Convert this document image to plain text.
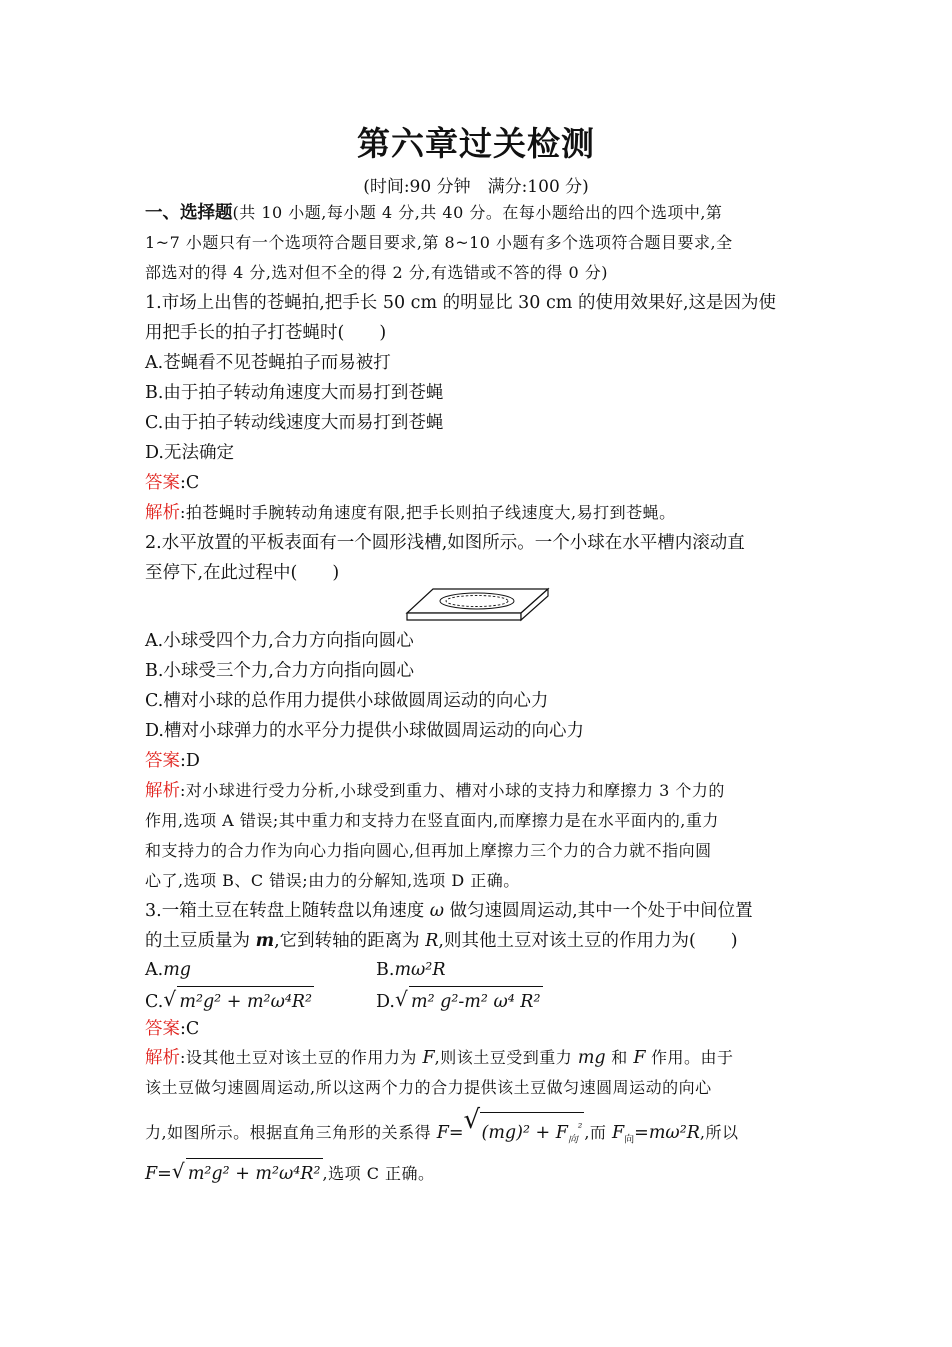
第六章过关检测
(时间:90 分钟　满分:100 分)
一、选择题(共 10 小题,每小题 4 分,共 40 分。在每小题给出的四个选项中,第
1~7 小题只有一个选项符合题目要求,第 8~10 小题有多个选项符合题目要求,全
部选对的得 4 分,选对但不全的得 2 分,有选错或不答的得 0 分)
1.市场上出售的苍蝇拍,把手长 50 cm 的明显比 30 cm 的使用效果好,这是因为使
用把手长的拍子打苍蝇时(　　)
A.苍蝇看不见苍蝇拍子而易被打
B.由于拍子转动角速度大而易打到苍蝇
C.由于拍子转动线速度大而易打到苍蝇
D.无法确定
答案:C
解析:拍苍蝇时手腕转动角速度有限,把手长则拍子线速度大,易打到苍蝇。
2.水平放置的平板表面有一个圆形浅槽,如图所示。一个小球在水平槽内滚动直
至停下,在此过程中(　　)
A.小球受四个力,合力方向指向圆心
B.小球受三个力,合力方向指向圆心
C.槽对小球的总作用力提供小球做圆周运动的向心力
D.槽对小球弹力的水平分力提供小球做圆周运动的向心力
答案:D
解析:对小球进行受力分析,小球受到重力、槽对小球的支持力和摩擦力 3 个力的
作用,选项 A 错误;其中重力和支持力在竖直面内,而摩擦力是在水平面内的,重力
和支持力的合力作为向心力指向圆心,但再加上摩擦力三个力的合力就不指向圆
心了,选项 B、C 错误;由力的分解知,选项 D 正确。
3.一箱土豆在转盘上随转盘以角速度 ω 做匀速圆周运动,其中一个处于中间位置
的土豆质量为 m,它到转轴的距离为 R,则其他土豆对该土豆的作用力为(　　)
A.mg	B.mω²R
C. √ m²g² + m²ω⁴R²	D. √ m² g²-m² ω⁴ R²
答案:C
解析:设其他土豆对该土豆的作用力为 F,则该土豆受到重力 mg 和 F 作用。由于
该土豆做匀速圆周运动,所以这两个力的合力提供该土豆做匀速圆周运动的向心
力,如图所示。根据直角三角形的关系得 F= √ $(mg)^2 + F_向^{^2}$ ,而 $F_向=m\omega^2R$,所以
F= √ m²g² + m²ω⁴R² ,选项 C 正确。
